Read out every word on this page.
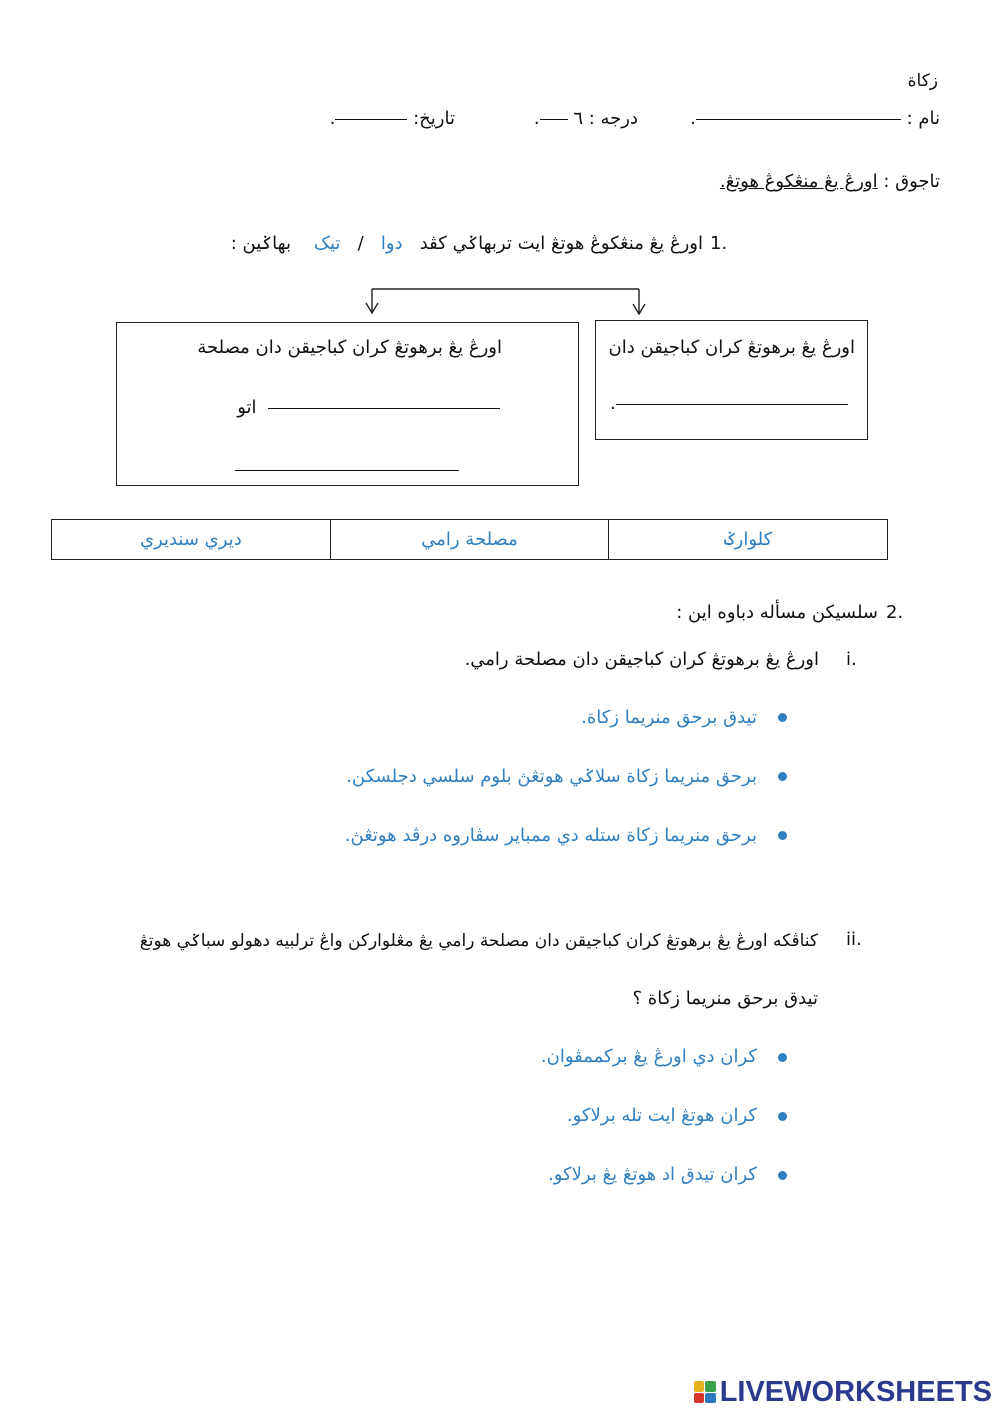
زكاة
نام : .
درجه : ٦ .
تاريخ: .
تاجوق : اورڠ يڠ منڠکوڠ هوتڠ.
1.
اورڠ يڠ منڠکوڠ هوتڠ ايت تربهاݢي کڤد   دوا   /   تيک    بهاݢين :
اورڠ يڠ برهوتڠ کران کباجيقن دان
.
اورڠ يڠ برهوتڠ کران کباجيقن دان مصلحة
اتو
کلوارݢ	مصلحة رامي	ديري سنديري
2.
سلسيکن مسأله دباوه اين :
i.
اورڠ يڠ برهوتڠ کران کباجيقن دان مصلحة رامي.
تيدق برحق منريما زكاة.
برحق منريما زكاة سلاݢي هوتڠڽ بلوم سلسي دجلسکن.
برحق منريما زكاة ستله دي ممباير سڤاروه درڤد هوتڠڽ.
ii.
کناڤکه اورڠ يڠ برهوتڠ کران کباجيقن دان مصلحة رامي يڠ مڠلوارکن واڠ ترلبيه دهولو سباݢي هوتڠ
تيدق برحق منريما زكاة ؟
کران دي اورڠ يڠ برکممڤوان.
کران هوتڠ ايت تله برلاکو.
کران تيدق اد هوتڠ يڠ برلاکو.
LIVEWORKSHEETS
